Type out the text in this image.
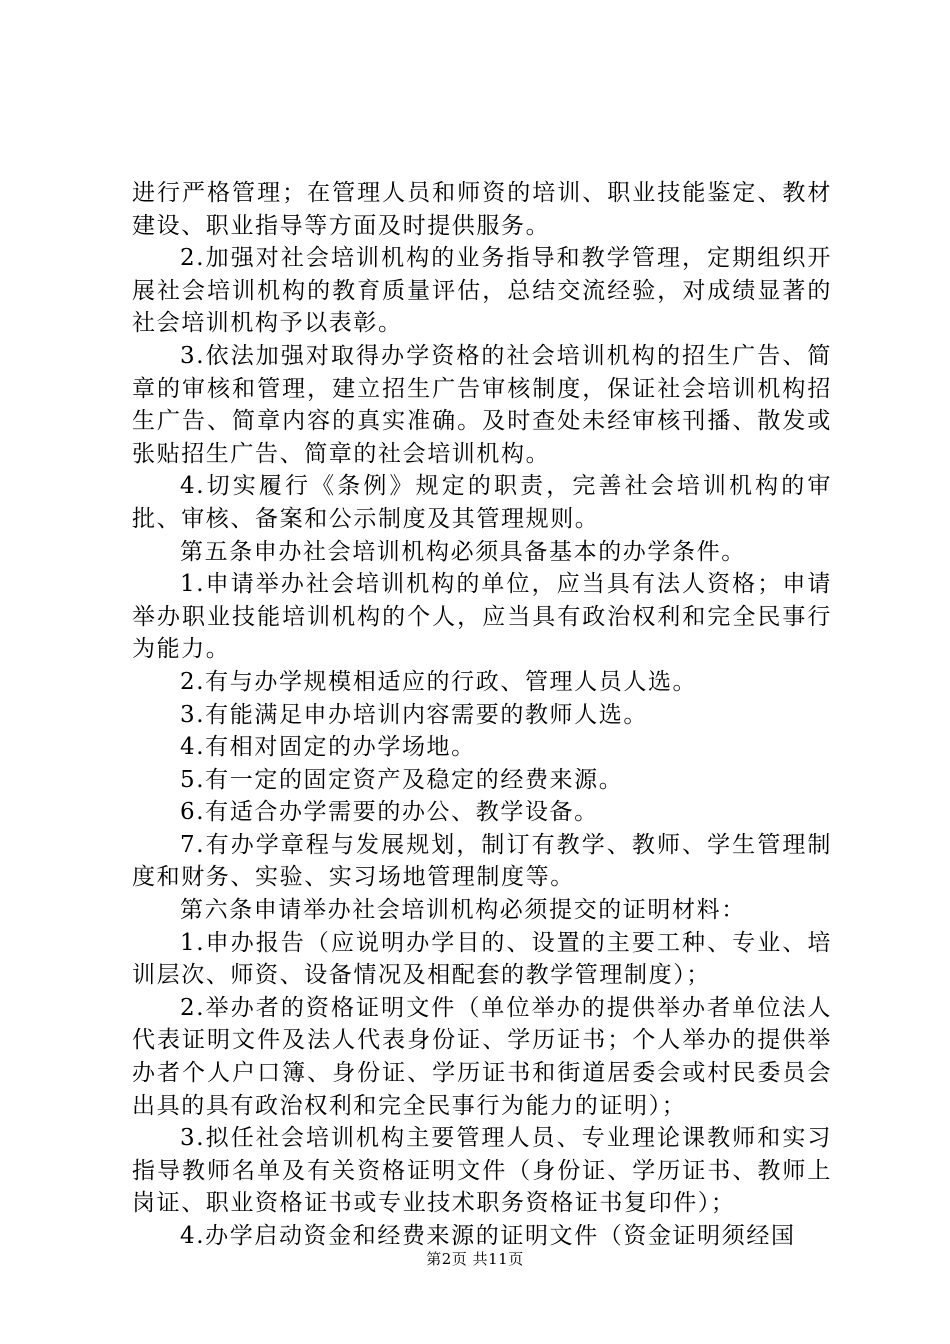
进行严格管理；在管理人员和师资的培训、职业技能鉴定、教材建设、职业指导等方面及时提供服务。

2.加强对社会培训机构的业务指导和教学管理，定期组织开展社会培训机构的教育质量评估，总结交流经验，对成绩显著的社会培训机构予以表彰。

3.依法加强对取得办学资格的社会培训机构的招生广告、简章的审核和管理，建立招生广告审核制度，保证社会培训机构招生广告、简章内容的真实准确。及时查处未经审核刊播、散发或张贴招生广告、简章的社会培训机构。

4.切实履行《条例》规定的职责，完善社会培训机构的审批、审核、备案和公示制度及其管理规则。

第五条申办社会培训机构必须具备基本的办学条件。

1.申请举办社会培训机构的单位，应当具有法人资格；申请举办职业技能培训机构的个人，应当具有政治权利和完全民事行为能力。

2.有与办学规模相适应的行政、管理人员人选。

3.有能满足申办培训内容需要的教师人选。

4.有相对固定的办学场地。

5.有一定的固定资产及稳定的经费来源。

6.有适合办学需要的办公、教学设备。

7.有办学章程与发展规划，制订有教学、教师、学生管理制度和财务、实验、实习场地管理制度等。

第六条申请举办社会培训机构必须提交的证明材料：

1.申办报告（应说明办学目的、设置的主要工种、专业、培训层次、师资、设备情况及相配套的教学管理制度）；

2.举办者的资格证明文件（单位举办的提供举办者单位法人代表证明文件及法人代表身份证、学历证书；个人举办的提供举办者个人户口簿、身份证、学历证书和街道居委会或村民委员会出具的具有政治权利和完全民事行为能力的证明）；

3.拟任社会培训机构主要管理人员、专业理论课教师和实习指导教师名单及有关资格证明文件（身份证、学历证书、教师上岗证、职业资格证书或专业技术职务资格证书复印件）；

4.办学启动资金和经费来源的证明文件（资金证明须经国

第2页 共11页
